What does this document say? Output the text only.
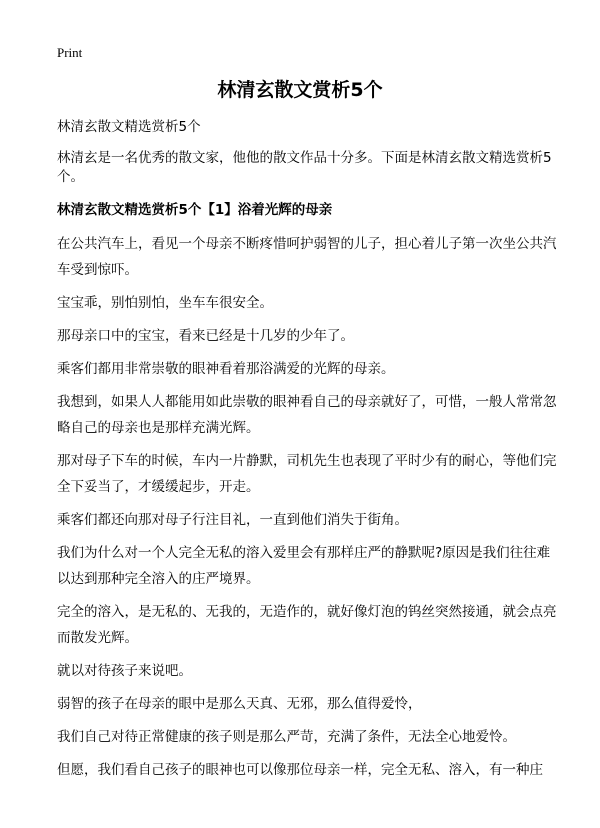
Print
林清玄散文赏析5个

林清玄散文精选赏析5个

林清玄是一名优秀的散文家，他他的散文作品十分多。下面是林清玄散文精选赏析5个。

林清玄散文精选赏析5个【1】浴着光辉的母亲

在公共汽车上，看见一个母亲不断疼惜呵护弱智的儿子，担心着儿子第一次坐公共汽车受到惊吓。

宝宝乖，别怕别怕，坐车车很安全。

那母亲口中的宝宝，看来已经是十几岁的少年了。

乘客们都用非常崇敬的眼神看着那浴满爱的光辉的母亲。

我想到，如果人人都能用如此崇敬的眼神看自己的母亲就好了，可惜，一般人常常忽略自己的母亲也是那样充满光辉。

那对母子下车的时候，车内一片静默，司机先生也表现了平时少有的耐心，等他们完全下妥当了，才缓缓起步，开走。

乘客们都还向那对母子行注目礼，一直到他们消失于街角。

我们为什么对一个人完全无私的溶入爱里会有那样庄严的静默呢?原因是我们往往难以达到那种完全溶入的庄严境界。

完全的溶入，是无私的、无我的，无造作的，就好像灯泡的钨丝突然接通，就会点亮而散发光辉。

就以对待孩子来说吧。

弱智的孩子在母亲的眼中是那么天真、无邪，那么值得爱怜，

我们自己对待正常健康的孩子则是那么严苛，充满了条件，无法全心地爱怜。

但愿，我们看自己孩子的眼神也可以像那位母亲一样，完全无私、溶入，有一种庄
